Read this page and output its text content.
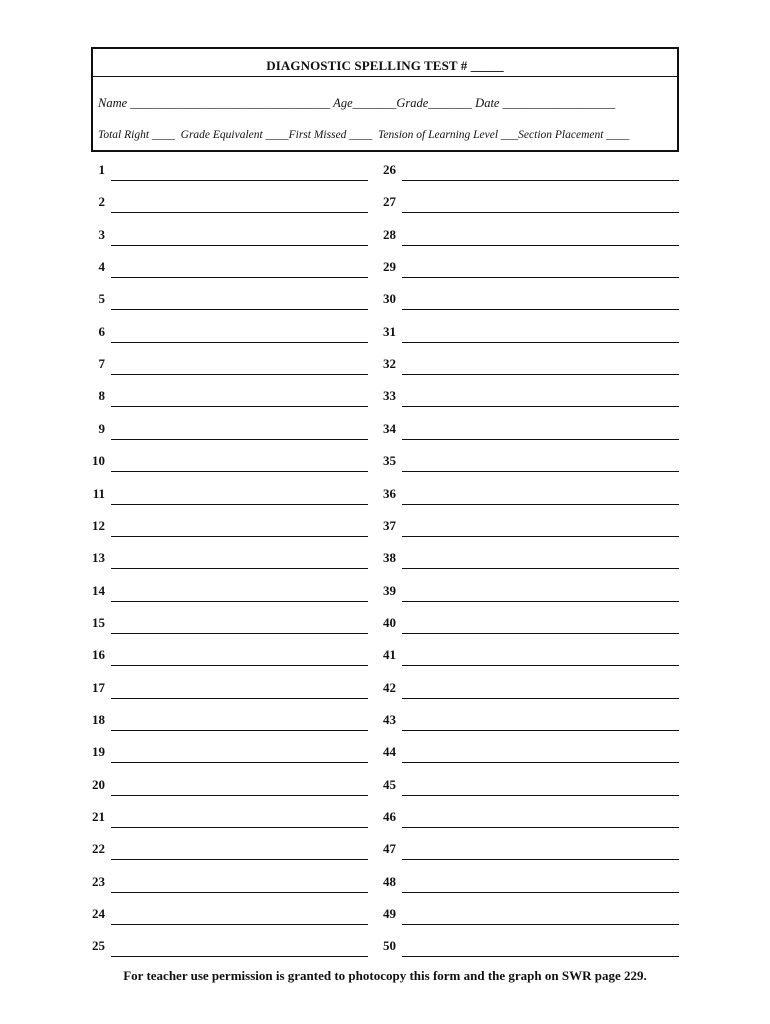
DIAGNOSTIC SPELLING TEST # _____
Name ________________________________ Age_______Grade_______ Date __________________
Total Right ____  Grade Equivalent ____First Missed ____  Tension of Learning Level ___Section Placement ____
1
2
3
4
5
6
7
8
9
10
11
12
13
14
15
16
17
18
19
20
21
22
23
24
25
26
27
28
29
30
31
32
33
34
35
36
37
38
39
40
41
42
43
44
45
46
47
48
49
50
For teacher use permission is granted to photocopy this form and the graph on SWR page 229.
